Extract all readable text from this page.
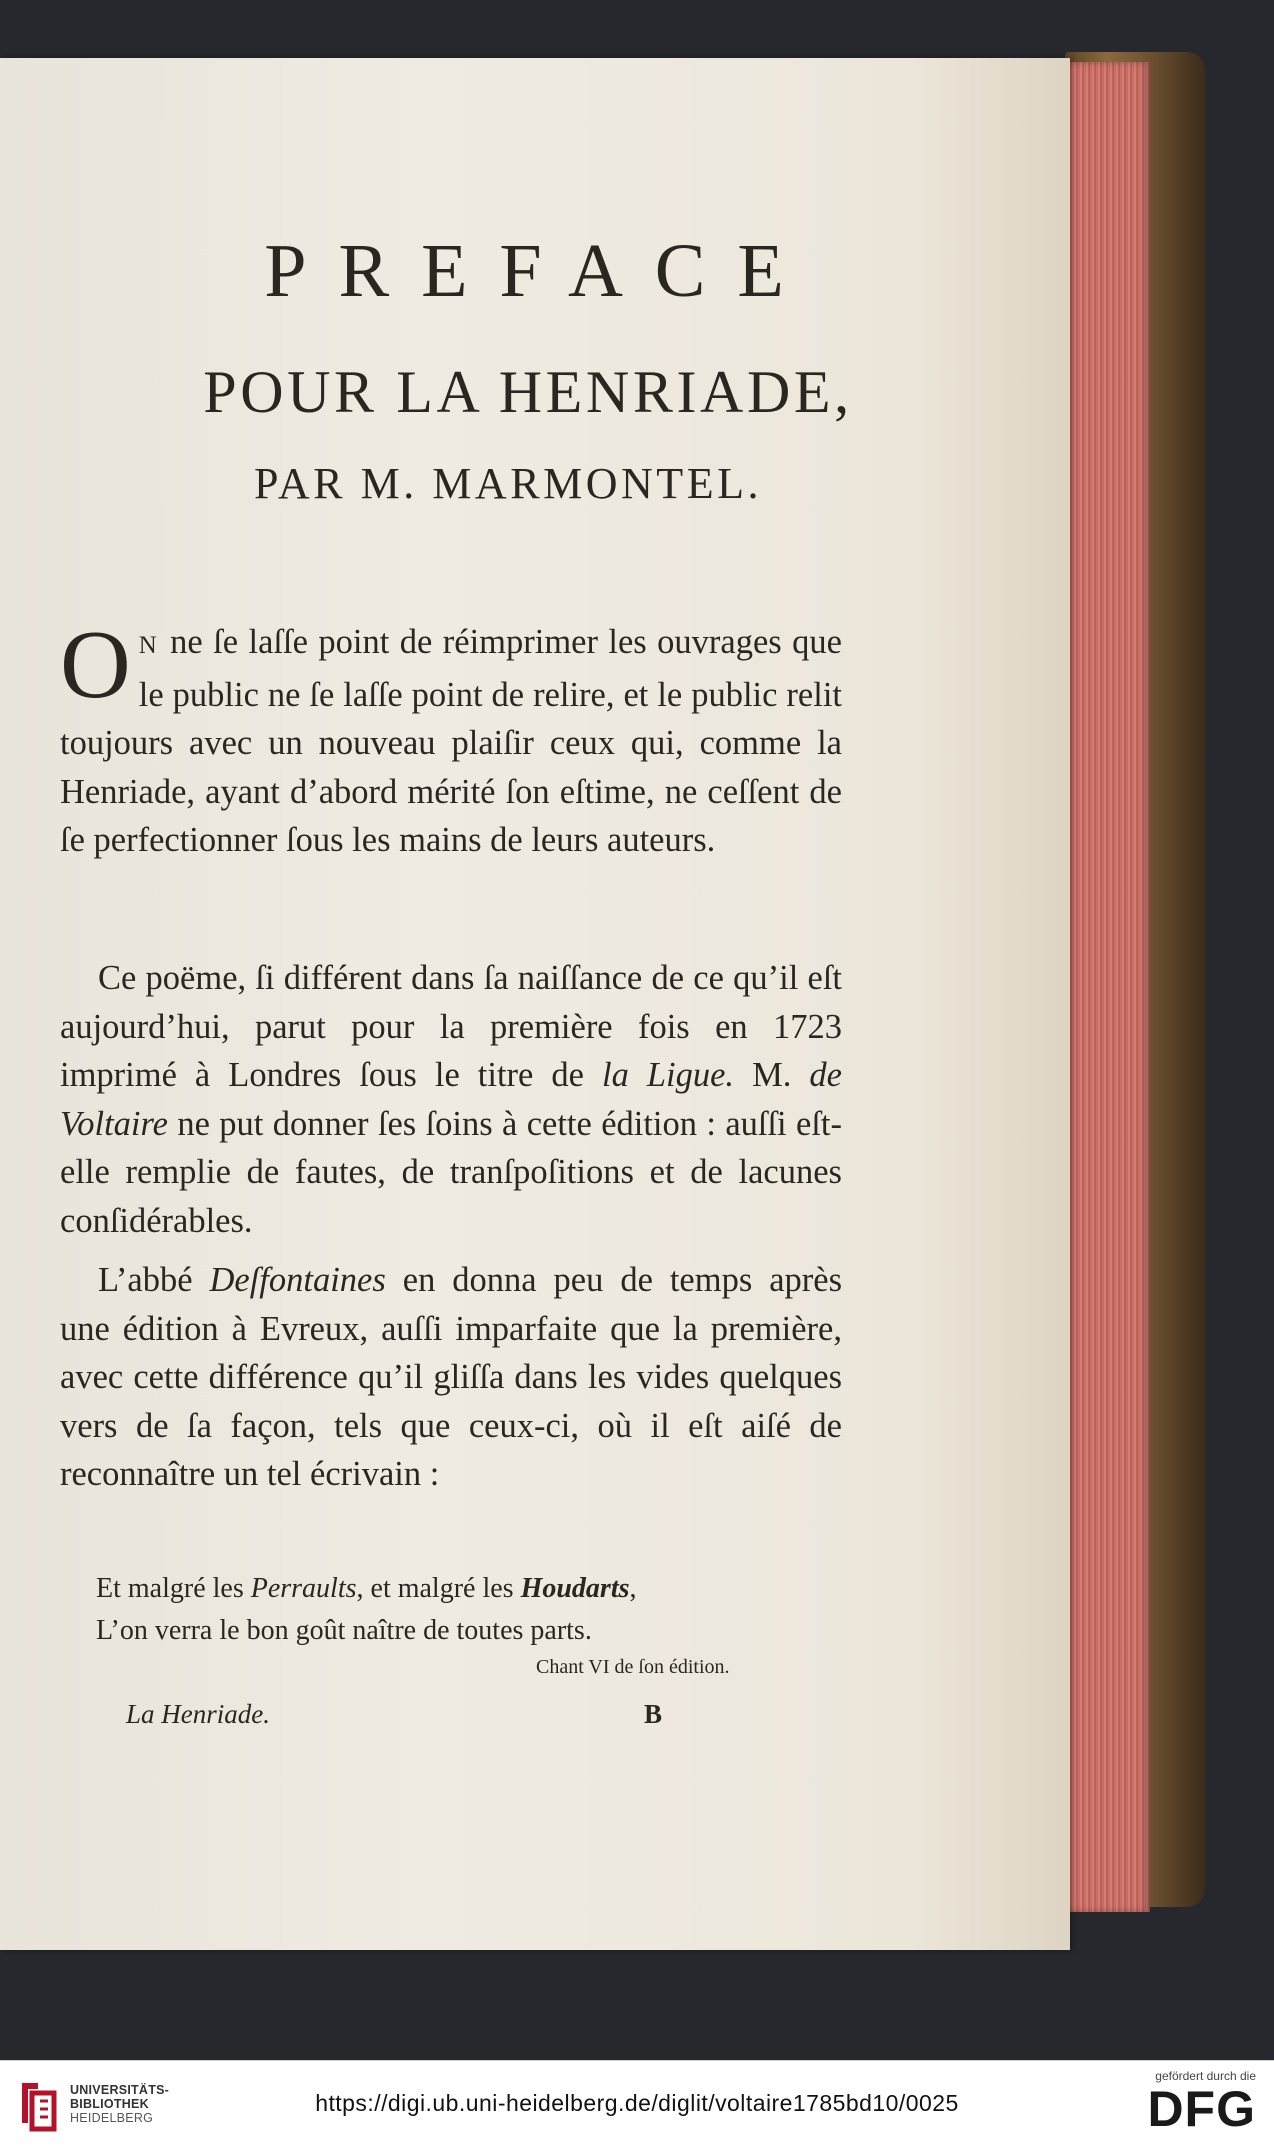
PREFACE
POUR LA HENRIADE,
PAR M. MARMONTEL.

O N ne ſe laſſe point de réimprimer les ouvrages que le public ne ſe laſſe point de relire, et le public relit toujours avec un nouveau plaiſir ceux qui, comme la Henriade, ayant d’abord mérité ſon eſtime, ne ceſſent de ſe perfectionner ſous les mains de leurs auteurs.

Ce poëme, ſi différent dans ſa naiſſance de ce qu’il eſt aujourd’hui, parut pour la première fois en 1723 imprimé à Londres ſous le titre de la Ligue. M. de Voltaire ne put donner ſes ſoins à cette édition : auſſi eſt-elle remplie de fautes, de tranſpoſitions et de lacunes conſidérables.

L’abbé Deſfontaines en donna peu de temps après une édition à Evreux, auſſi imparfaite que la première, avec cette différence qu’il gliſſa dans les vides quelques vers de ſa façon, tels que ceux-ci, où il eſt aiſé de reconnaître un tel écrivain :

Et malgré les Perraults, et malgré les Houdarts,
L’on verra le bon goût naître de toutes parts.
Chant VI de ſon édition.
La Henriade.	B
UNIVERSITÄTS-
BIBLIOTHEK
HEIDELBERG
https://digi.ub.uni-heidelberg.de/diglit/voltaire1785bd10/0025
gefördert durch die
DFG
